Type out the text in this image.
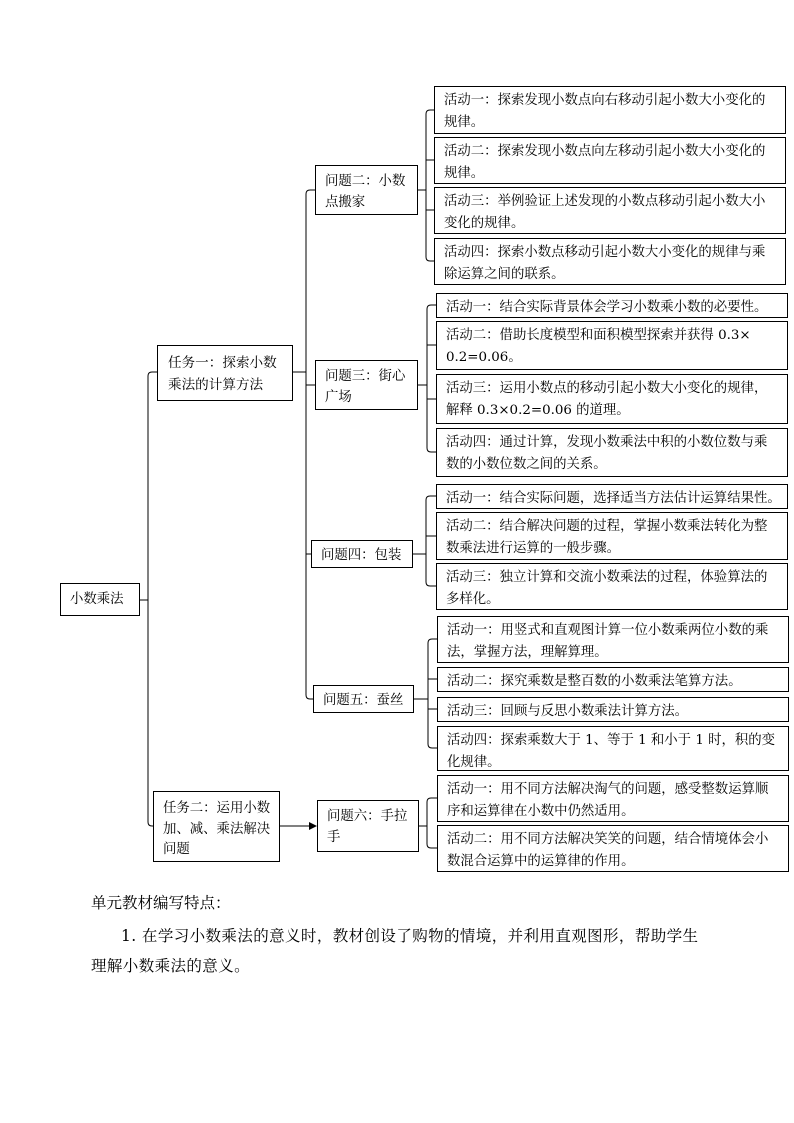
小数乘法
任务一：探索小数
乘法的计算方法
任务二：运用小数
加、减、乘法解决
问题
问题二：小数
点搬家
问题三：街心
广场
问题四：包装
问题五：蚕丝
问题六：手拉
手
活动一：探索发现小数点向右移动引起小数大小变化的
规律。
活动二：探索发现小数点向左移动引起小数大小变化的
规律。
活动三：举例验证上述发现的小数点移动引起小数大小
变化的规律。
活动四：探索小数点移动引起小数大小变化的规律与乘
除运算之间的联系。
活动一：结合实际背景体会学习小数乘小数的必要性。
活动二：借助长度模型和面积模型探索并获得 0.3×
0.2=0.06。
活动三：运用小数点的移动引起小数大小变化的规律，
解释 0.3×0.2=0.06 的道理。
活动四：通过计算，发现小数乘法中积的小数位数与乘
数的小数位数之间的关系。
活动一：结合实际问题，选择适当方法估计运算结果性。
活动二：结合解决问题的过程，掌握小数乘法转化为整
数乘法进行运算的一般步骤。
活动三：独立计算和交流小数乘法的过程，体验算法的
多样化。
活动一：用竖式和直观图计算一位小数乘两位小数的乘
法，掌握方法，理解算理。
活动二：探究乘数是整百数的小数乘法笔算方法。
活动三：回顾与反思小数乘法计算方法。
活动四：探索乘数大于 1、等于 1 和小于 1 时，积的变
化规律。
活动一：用不同方法解决淘气的问题，感受整数运算顺
序和运算律在小数中仍然适用。
活动二：用不同方法解决笑笑的问题，结合情境体会小
数混合运算中的运算律的作用。
单元教材编写特点：
1. 在学习小数乘法的意义时，教材创设了购物的情境，并利用直观图形，帮助学生
理解小数乘法的意义。
